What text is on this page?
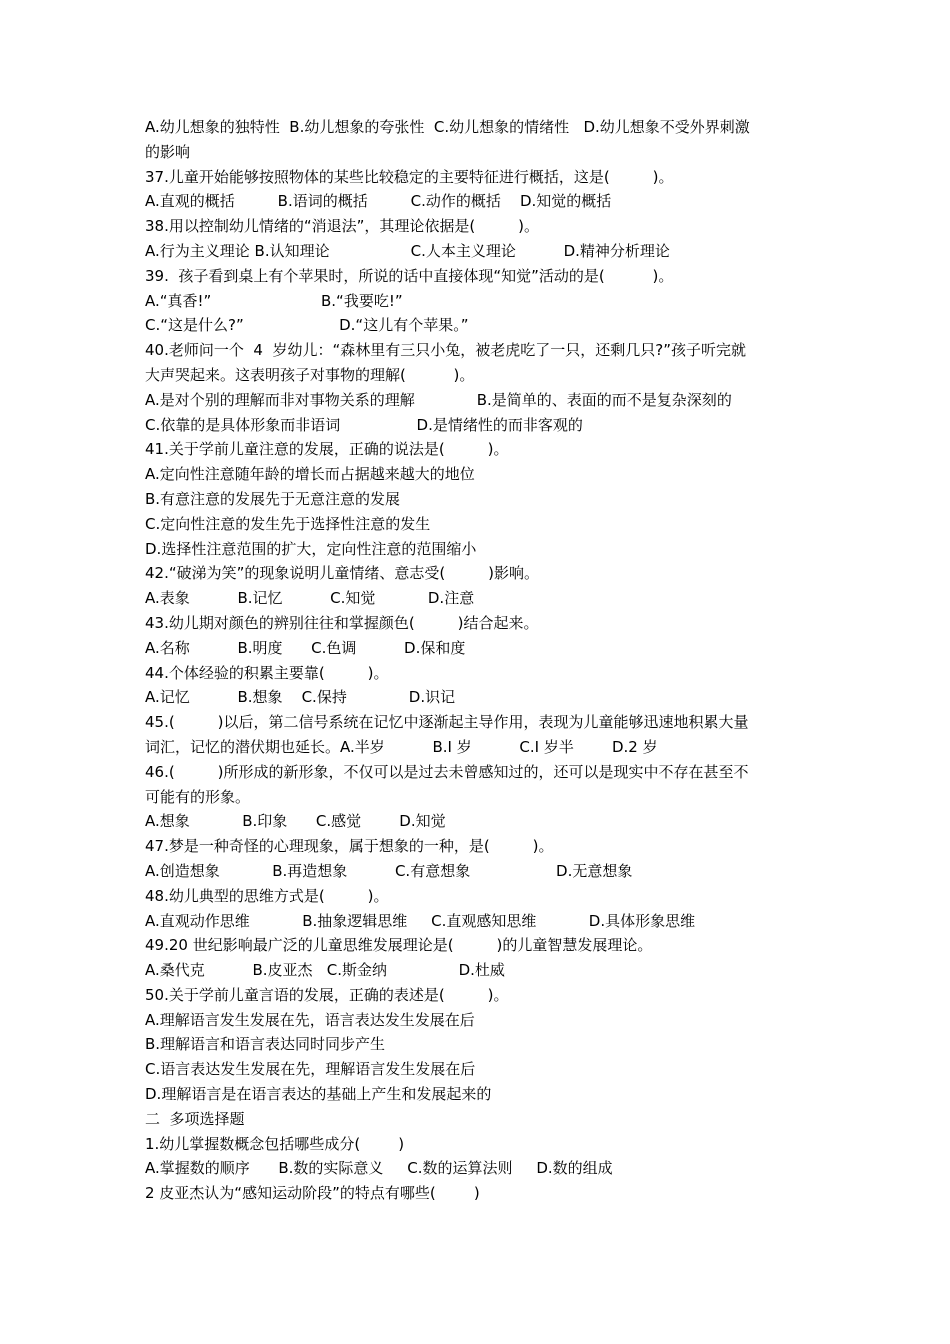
A.幼儿想象的独特性  B.幼儿想象的夸张性  C.幼儿想象的情绪性   D.幼儿想象不受外界刺激
的影响
37.儿童开始能够按照物体的某些比较稳定的主要特征进行概括，这是(         )。
A.直观的概括         B.语词的概括         C.动作的概括    D.知觉的概括
38.用以控制幼儿情绪的“消退法”，其理论依据是(         )。
A.行为主义理论 B.认知理论                 C.人本主义理论          D.精神分析理论
39.  孩子看到桌上有个苹果时，所说的话中直接体现“知觉”活动的是(          )。
A.“真香!”                       B.“我要吃!”
C.“这是什么?”                    D.“这儿有个苹果。”
40.老师问一个  4  岁幼儿：“森林里有三只小兔，被老虎吃了一只，还剩几只?”孩子听完就
大声哭起来。这表明孩子对事物的理解(          )。
A.是对个别的理解而非对事物关系的理解             B.是简单的、表面的而不是复杂深刻的
C.依靠的是具体形象而非语词                D.是情绪性的而非客观的
41.关于学前儿童注意的发展，正确的说法是(         )。
A.定向性注意随年龄的增长而占据越来越大的地位
B.有意注意的发展先于无意注意的发展
C.定向性注意的发生先于选择性注意的发生
D.选择性注意范围的扩大，定向性注意的范围缩小
42.“破涕为笑”的现象说明儿童情绪、意志受(         )影响。
A.表象          B.记忆          C.知觉           D.注意
43.幼儿期对颜色的辨别往往和掌握颜色(         )结合起来。
A.名称          B.明度      C.色调          D.保和度
44.个体经验的积累主要靠(         )。
A.记忆          B.想象    C.保持             D.识记
45.(         )以后，第二信号系统在记忆中逐渐起主导作用，表现为儿童能够迅速地积累大量
词汇，记忆的潜伏期也延长。A.半岁          B.I 岁          C.I 岁半        D.2 岁
46.(         )所形成的新形象，不仅可以是过去未曾感知过的，还可以是现实中不存在甚至不
可能有的形象。
A.想象           B.印象      C.感觉        D.知觉
47.梦是一种奇怪的心理现象，属于想象的一种，是(         )。
A.创造想象           B.再造想象          C.有意想象                  D.无意想象
48.幼儿典型的思维方式是(         )。
A.直观动作思维           B.抽象逻辑思维     C.直观感知思维           D.具体形象思维
49.20 世纪影响最广泛的儿童思维发展理论是(         )的儿童智慧发展理论。
A.桑代克          B.皮亚杰   C.斯金纳               D.杜威
50.关于学前儿童言语的发展，正确的表述是(         )。
A.理解语言发生发展在先，语言表达发生发展在后
B.理解语言和语言表达同时同步产生
C.语言表达发生发展在先，理解语言发生发展在后
D.理解语言是在语言表达的基础上产生和发展起来的
二  多项选择题
1.幼儿掌握数概念包括哪些成分(        )
A.掌握数的顺序      B.数的实际意义     C.数的运算法则     D.数的组成
2 皮亚杰认为“感知运动阶段”的特点有哪些(        )
